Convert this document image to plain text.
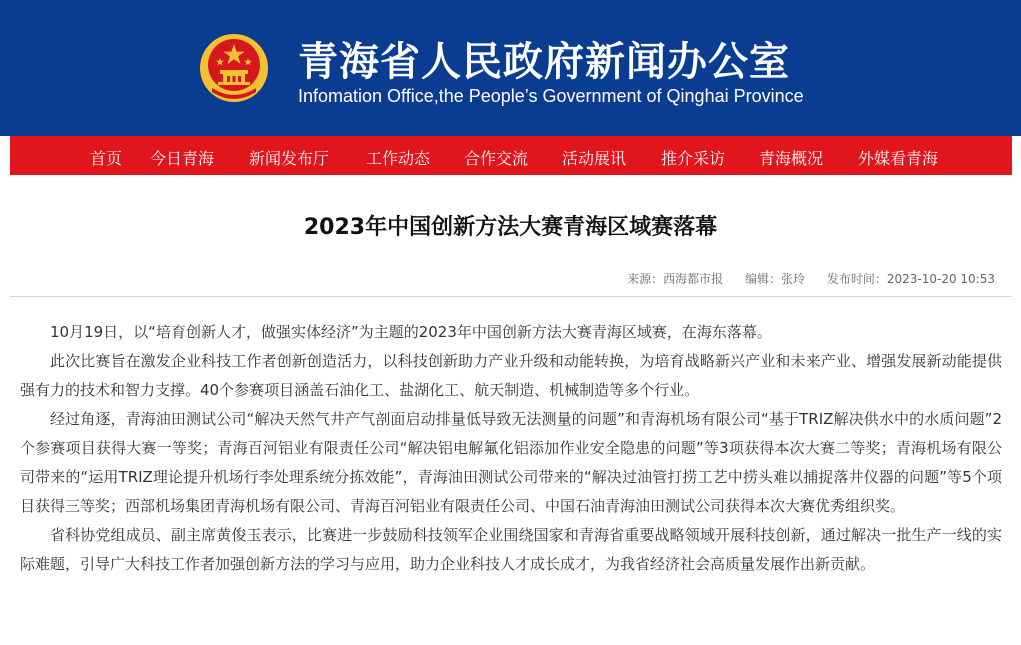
青海省人民政府新闻办公室
Infomation Office,the People’s Government of Qinghai Province
首页 今日青海 新闻发布厅 工作动态 合作交流 活动展讯 推介采访 青海概况 外媒看青海
2023年中国创新方法大赛青海区域赛落幕
来源：西海都市报 编辑：张玲 发布时间：2023-10-20 10:53

10月19日，以“培育创新人才，做强实体经济”为主题的2023年中国创新方法大赛青海区域赛，在海东落幕。

此次比赛旨在激发企业科技工作者创新创造活力，以科技创新助力产业升级和动能转换，为培育战略新兴产业和未来产业、增强发展新动能提供强有力的技术和智力支撑。40个参赛项目涵盖石油化工、盐湖化工、航天制造、机械制造等多个行业。

经过角逐，青海油田测试公司“解决天然气井产气剖面启动排量低导致无法测量的问题”和青海机场有限公司“基于TRIZ解决供水中的水质问题”2个参赛项目获得大赛一等奖；青海百河铝业有限责任公司“解决铝电解氟化铝添加作业安全隐患的问题”等3项获得本次大赛二等奖；青海机场有限公司带来的“运用TRIZ理论提升机场行李处理系统分拣效能”，青海油田测试公司带来的“解决过油管打捞工艺中捞头难以捕捉落井仪器的问题”等5个项目获得三等奖；西部机场集团青海机场有限公司、青海百河铝业有限责任公司、中国石油青海油田测试公司获得本次大赛优秀组织奖。

省科协党组成员、副主席黄俊玉表示，比赛进一步鼓励科技领军企业围绕国家和青海省重要战略领域开展科技创新，通过解决一批生产一线的实际难题，引导广大科技工作者加强创新方法的学习与应用，助力企业科技人才成长成才，为我省经济社会高质量发展作出新贡献。
